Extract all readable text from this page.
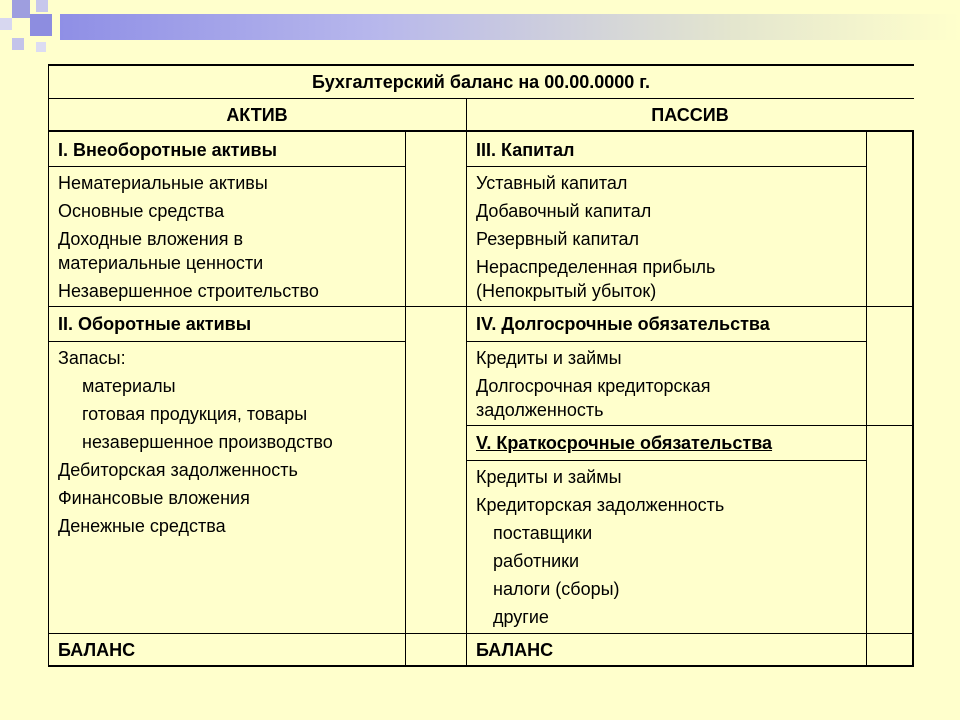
Бухгалтерский баланс на 00.00.0000 г.
АКТИВ	ПАССИВ
I. Внеоборотные активы
Нематериальные активы
Основные средства
Доходные вложения в
материальные ценности
Незавершенное строительство
II. Оборотные активы
Запасы:
материалы
готовая продукция, товары
незавершенное производство
Дебиторская задолженность
Финансовые вложения
Денежные средства
БАЛАНС
III. Капитал
Уставный капитал
Добавочный капитал
Резервный капитал
Нераспределенная прибыль
(Непокрытый убыток)
IV. Долгосрочные обязательства
Кредиты и займы
Долгосрочная кредиторская
задолженность
V. Краткосрочные обязательства
Кредиты и займы
Кредиторская задолженность
поставщики
работники
налоги (сборы)
другие
БАЛАНС
